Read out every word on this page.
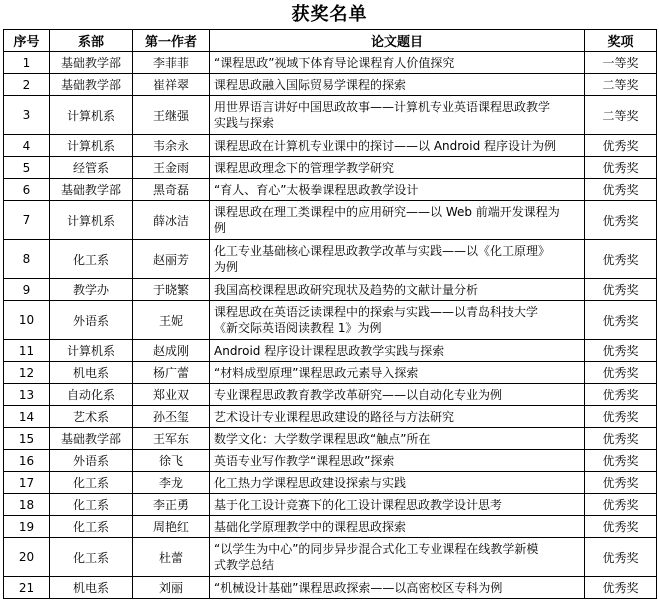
获奖名单
序号	系部	第一作者	论文题目	奖项
1	基础教学部	李菲菲	“课程思政”视域下体育导论课程育人价值探究	一等奖
2	基础教学部	崔祥翠	课程思政融入国际贸易学课程的探索	二等奖
3	计算机系	王继强	用世界语言讲好中国思政故事——计算机专业英语课程思政教学
实践与探索	二等奖
4	计算机系	韦余永	课程思政在计算机专业课中的探讨——以 Android 程序设计为例	优秀奖
5	经管系	王金雨	课程思政理念下的管理学教学研究	优秀奖
6	基础教学部	黑奇磊	“育人、育心”太极拳课程思政教学设计	优秀奖
7	计算机系	薛冰洁	课程思政在理工类课程中的应用研究——以 Web 前端开发课程为
例	优秀奖
8	化工系	赵丽芳	化工专业基础核心课程思政教学改革与实践——以《化工原理》
为例	优秀奖
9	教学办	于晓繁	我国高校课程思政研究现状及趋势的文献计量分析	优秀奖
10	外语系	王妮	课程思政在英语泛读课程中的探索与实践——以青岛科技大学
《新交际英语阅读教程 1》为例	优秀奖
11	计算机系	赵成刚	Android 程序设计课程思政教学实践与探索	优秀奖
12	机电系	杨广蕾	“材料成型原理”课程思政元素导入探索	优秀奖
13	自动化系	郑业双	专业课程思政教育教学改革研究——以自动化专业为例	优秀奖
14	艺术系	孙丕玺	艺术设计专业课程思政建设的路径与方法研究	优秀奖
15	基础教学部	王军东	数学文化：大学数学课程思政“触点”所在	优秀奖
16	外语系	徐飞	英语专业写作教学“课程思政”探索	优秀奖
17	化工系	李龙	化工热力学课程思政建设探索与实践	优秀奖
18	化工系	李正勇	基于化工设计竞赛下的化工设计课程思政教学设计思考	优秀奖
19	化工系	周艳红	基础化学原理教学中的课程思政探索	优秀奖
20	化工系	杜蕾	“以学生为中心”的同步异步混合式化工专业课程在线教学新模
式教学总结	优秀奖
21	机电系	刘丽	“机械设计基础”课程思政探索——以高密校区专科为例	优秀奖
